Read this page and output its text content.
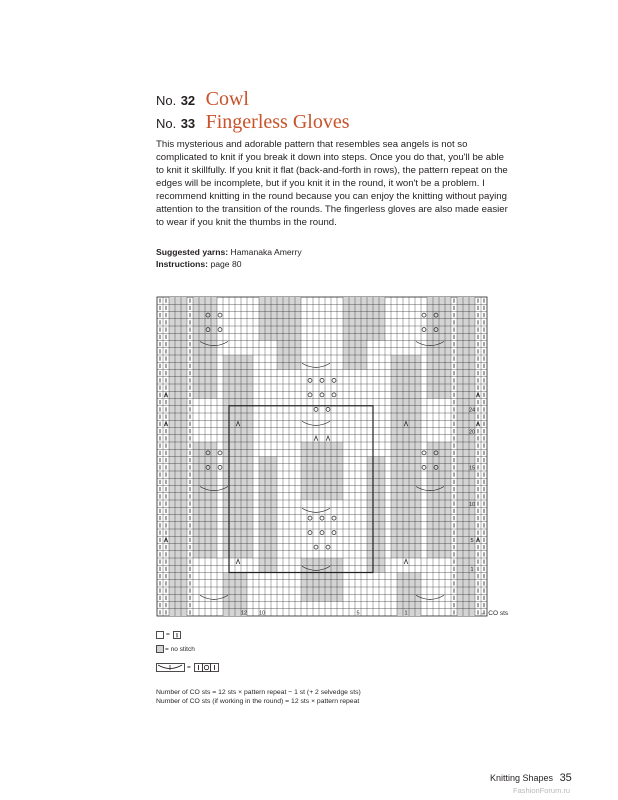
No. 32 Cowl
No. 33 Fingerless Gloves

This mysterious and adorable pattern that resembles sea angels is not so complicated to knit if you break it down into steps. Once you do that, you'll be able to knit it skillfully. If you knit it flat (back-and-forth in rows), the pattern repeat on the edges will be incomplete, but if you knit it in the round, it won't be a problem. I recommend knitting in the round because you can enjoy the knitting without paying attention to the transition of the rounds. The fingerless gloves are also made easier to wear if you knit the thumbs in the round.

Suggested yarns: Hamanaka Amerry
Instructions: page 80
1
5
10
15
20
24
12 10	5	1	← CO sts
=
= no stitch
=

Number of CO sts = 12 sts × pattern repeat − 1 st (+ 2 selvedge sts)
Number of CO sts (if working in the round) = 12 sts × pattern repeat

Knitting Shapes 35
FashionForum.ru
